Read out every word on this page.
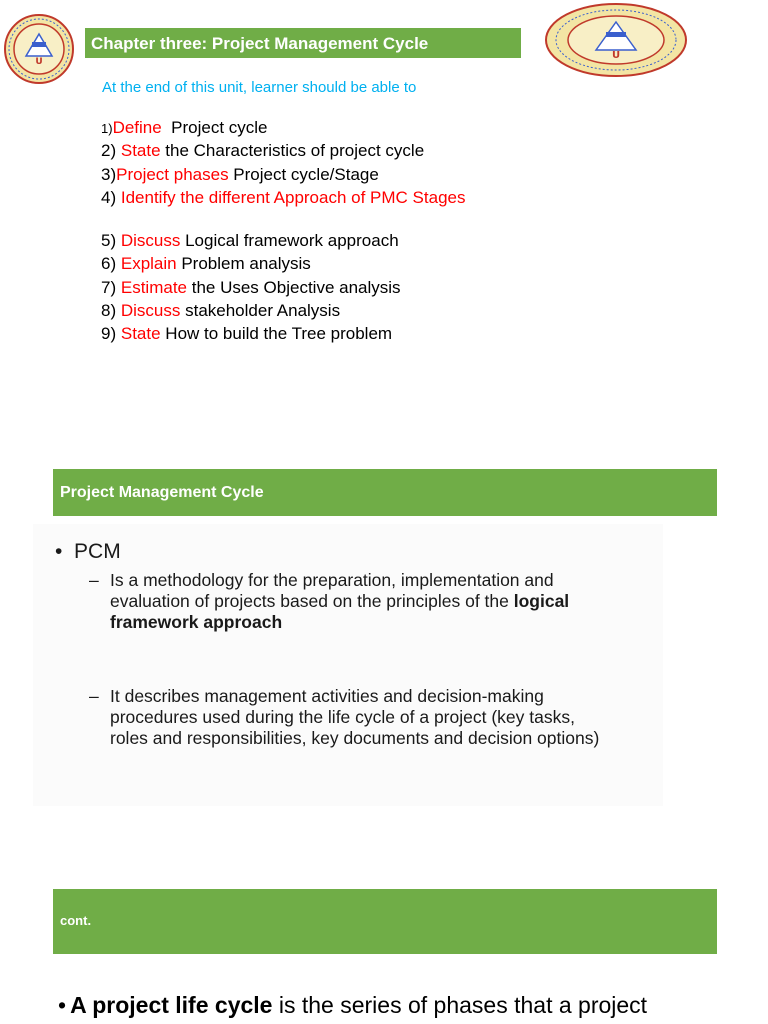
U
U
Chapter three: Project Management Cycle
At the end of this unit, learner should be able to
1)Define  Project cycle
2) State the Characteristics of project cycle
3)Project phases Project cycle/Stage
4) Identify the different Approach of PMC Stages
5) Discuss Logical framework approach
6) Explain Problem analysis
7) Estimate the Uses Objective analysis
8) Discuss stakeholder Analysis
9) State How to build the Tree problem
Project Management Cycle
•  PCM
– Is a methodology for the preparation, implementation and evaluation of projects based on the principles of the logical framework approach
– It describes management activities and decision-making procedures used during the life cycle of a project (key tasks, roles and responsibilities, key documents and decision options)
cont.
• A project life cycle is the series of phases that a project
